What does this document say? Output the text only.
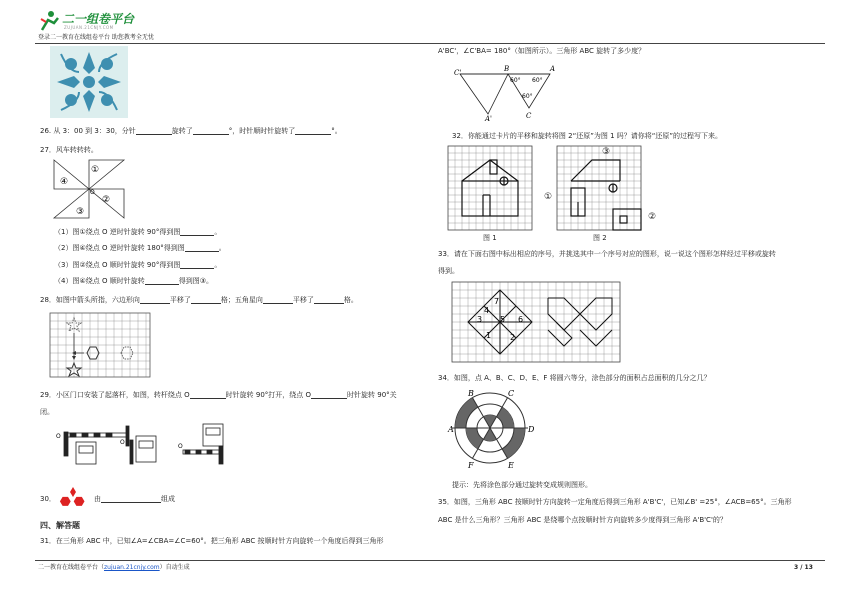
二一组卷平台
ZUJUAN.21CNJY.COM
登录二一教育在线组卷平台 助您教考全无忧
26. 从 3：00 到 3：30，分针	旋转了	°，时针顺时针旋转了	°。
27．风车转转转。
④
①
②
③
O
（1）图①绕点 O 逆时针旋转 90°得到图	。
（2）图④绕点 O 逆时针旋转 180°得到图	。
（3）图②绕点 O 顺时针旋转 90°得到图	。
（4）图④绕点 O 顺时针旋转	得到图③。
28．如图中箭头所指，六边形向	平移了	格；五角星向	平移了	格。
29．小区门口安装了起落杆，如图，转杆绕点 O	时针旋转 90°打开，绕点 O	时针旋转 90°关
闭。
O
O
O
30．	由	组成
四、解答题
31．在三角形 ABC 中，已知∠A=∠CBA=∠C=60°。把三角形 ABC 按顺时针方向旋转一个角度后得到三角形
A'BC'，∠C'BA= 180°（如图所示）。三角形 ABC 旋转了多少度？
C'	B	A
A'	C
60° 60°
60°
32．你能通过卡片的平移和旋转将图 2“还原”为图 1 吗？请你将“还原”的过程写下来。
图 1
①
图 2
③
②
33．请在下面右图中标出相应的序号，并挑选其中一个序号对应的图形，说一说这个图形怎样经过平移或旋转
得到。
7
4
3 5 6
1 2
34．如图，点 A、B、C、D、E、F 将圆六等分，涂色部分的面积占总面积的几分之几？
B	C
A	D
F	E
提示：先将涂色部分通过旋转变成规则图形。
35．如图，三角形 ABC 按顺时针方向旋转一定角度后得到三角形 A'B'C'，已知∠B' =25°，∠ACB=65°。三角形
ABC 是什么三角形？三角形 ABC 是绕哪个点按顺时针方向旋转多少度得到三角形 A'B'C'的？
二一教育在线组卷平台（zujuan.21cnjy.com）自动生成	3 / 13
